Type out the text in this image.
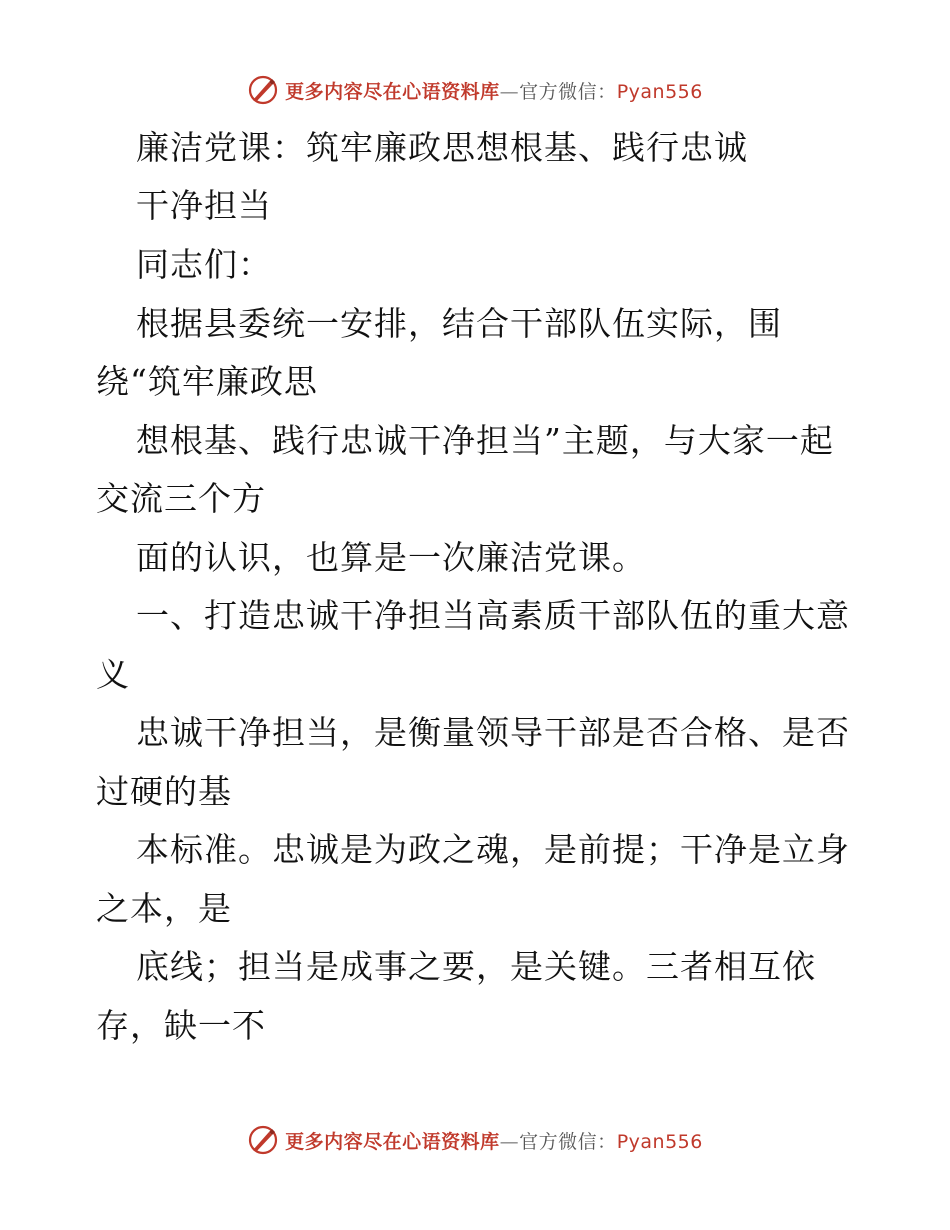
更多内容尽在心语资料库—官方微信：Pyan556
廉洁党课：筑牢廉政思想根基、践行忠诚
干净担当
同志们：
根据县委统一安排，结合干部队伍实际，围
绕“筑牢廉政思
想根基、践行忠诚干净担当”主题，与大家一起
交流三个方
面的认识，也算是一次廉洁党课。
一、打造忠诚干净担当高素质干部队伍的重大意
义
忠诚干净担当，是衡量领导干部是否合格、是否
过硬的基
本标准。忠诚是为政之魂，是前提；干净是立身
之本，是
底线；担当是成事之要，是关键。三者相互依
存，缺一不
更多内容尽在心语资料库—官方微信：Pyan556
